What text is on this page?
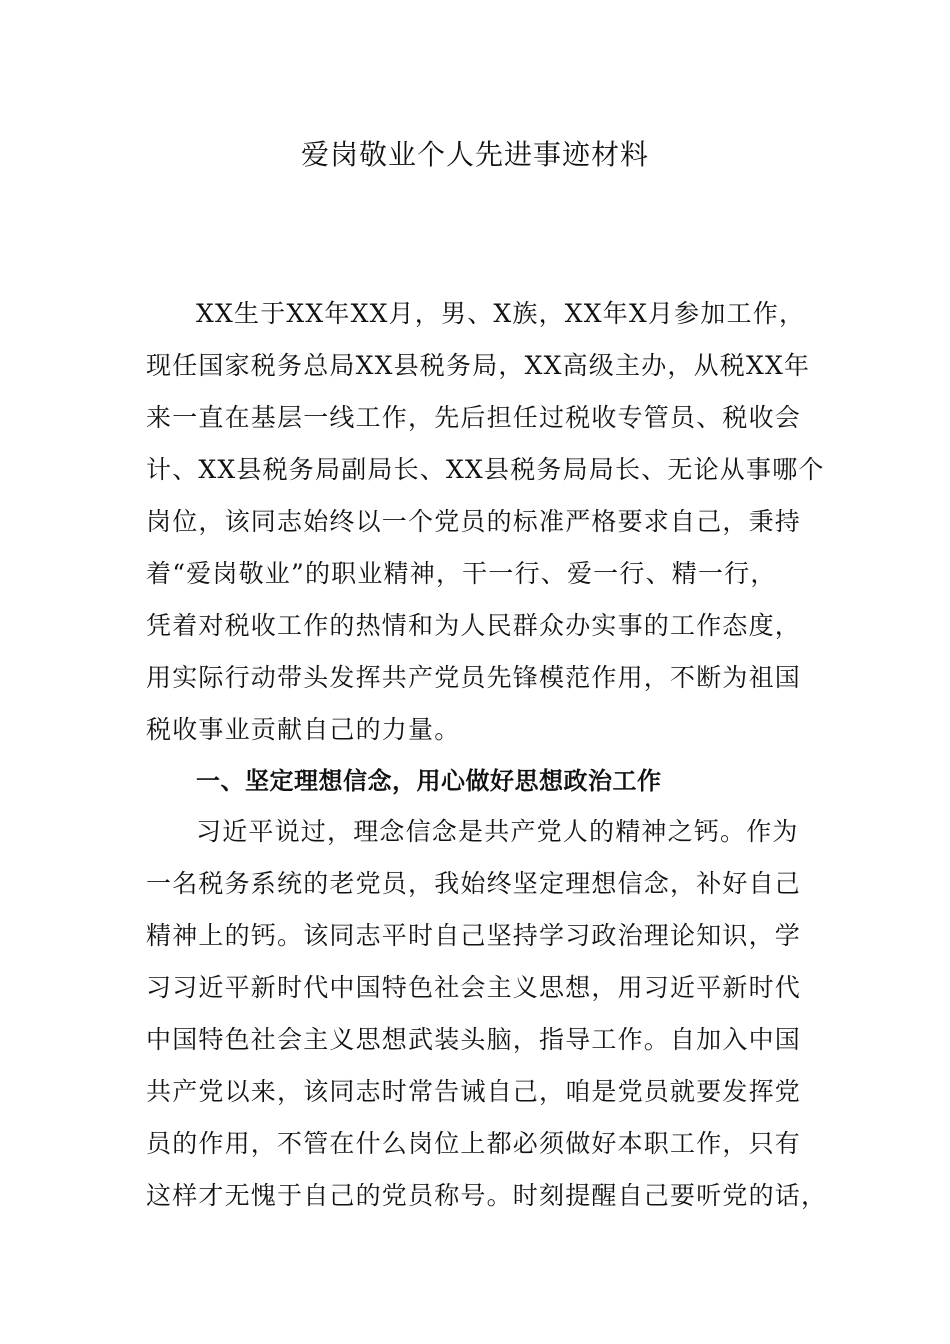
爱岗敬业个人先进事迹材料
XX生于XX年XX月，男、X族，XX年X月参加工作，
现任国家税务总局XX县税务局，XX高级主办，从税XX年
来一直在基层一线工作，先后担任过税收专管员、税收会
计、XX县税务局副局长、XX县税务局局长、无论从事哪个
岗位，该同志始终以一个党员的标准严格要求自己，秉持
着“爱岗敬业”的职业精神，干一行、爱一行、精一行，
凭着对税收工作的热情和为人民群众办实事的工作态度，
用实际行动带头发挥共产党员先锋模范作用，不断为祖国
税收事业贡献自己的力量。
一、坚定理想信念，用心做好思想政治工作
习近平说过，理念信念是共产党人的精神之钙。作为
一名税务系统的老党员，我始终坚定理想信念，补好自己
精神上的钙。该同志平时自己坚持学习政治理论知识，学
习习近平新时代中国特色社会主义思想，用习近平新时代
中国特色社会主义思想武装头脑，指导工作。自加入中国
共产党以来，该同志时常告诫自己，咱是党员就要发挥党
员的作用，不管在什么岗位上都必须做好本职工作，只有
这样才无愧于自己的党员称号。时刻提醒自己要听党的话，
